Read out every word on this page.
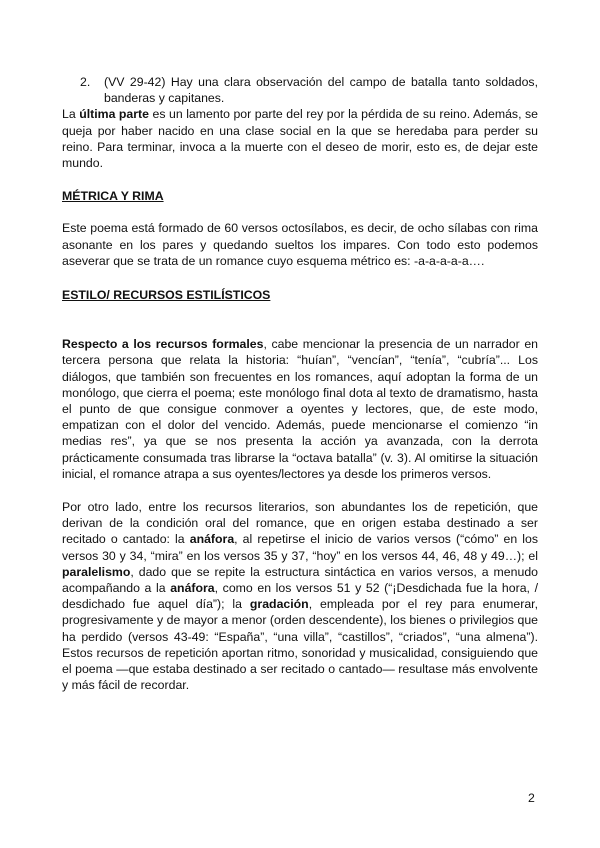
2.	(VV 29-42) Hay una clara observación del campo de batalla tanto soldados, banderas y capitanes.

La última parte es un lamento por parte del rey por la pérdida de su reino. Además, se queja por haber nacido en una clase social en la que se heredaba para perder su reino. Para terminar, invoca a la muerte con el deseo de morir, esto es, de dejar este mundo.

MÉTRICA Y RIMA

Este poema está formado de 60 versos octosílabos, es decir, de ocho sílabas con rima asonante en los pares y quedando sueltos los impares. Con todo esto podemos aseverar que se trata de un romance cuyo esquema métrico es: -a-a-a-a-a….

ESTILO/ RECURSOS ESTILÍSTICOS

Respecto a los recursos formales, cabe mencionar la presencia de un narrador en tercera persona que relata la historia: “huían”, “vencían”, “tenía”, “cubría”... Los diálogos, que también son frecuentes en los romances, aquí adoptan la forma de un monólogo, que cierra el poema; este monólogo final dota al texto de dramatismo, hasta el punto de que consigue conmover a oyentes y lectores, que, de este modo, empatizan con el dolor del vencido. Además, puede mencionarse el comienzo “in medias res”, ya que se nos presenta la acción ya avanzada, con la derrota prácticamente consumada tras librarse la “octava batalla” (v. 3). Al omitirse la situación inicial, el romance atrapa a sus oyentes/lectores ya desde los primeros versos.

Por otro lado, entre los recursos literarios, son abundantes los de repetición, que derivan de la condición oral del romance, que en origen estaba destinado a ser recitado o cantado: la anáfora, al repetirse el inicio de varios versos (“cómo” en los versos 30 y 34, “mira” en los versos 35 y 37, “hoy” en los versos 44, 46, 48 y 49…); el paralelismo, dado que se repite la estructura sintáctica en varios versos, a menudo acompañando a la anáfora, como en los versos 51 y 52 (“¡Desdichada fue la hora, / desdichado fue aquel día”); la gradación, empleada por el rey para enumerar, progresivamente y de mayor a menor (orden descendente), los bienes o privilegios que ha perdido (versos 43-49: “España”, “una villa”, “castillos”, “criados”, “una almena”). Estos recursos de repetición aportan ritmo, sonoridad y musicalidad, consiguiendo que el poema —que estaba destinado a ser recitado o cantado— resultase más envolvente y más fácil de recordar.

2
